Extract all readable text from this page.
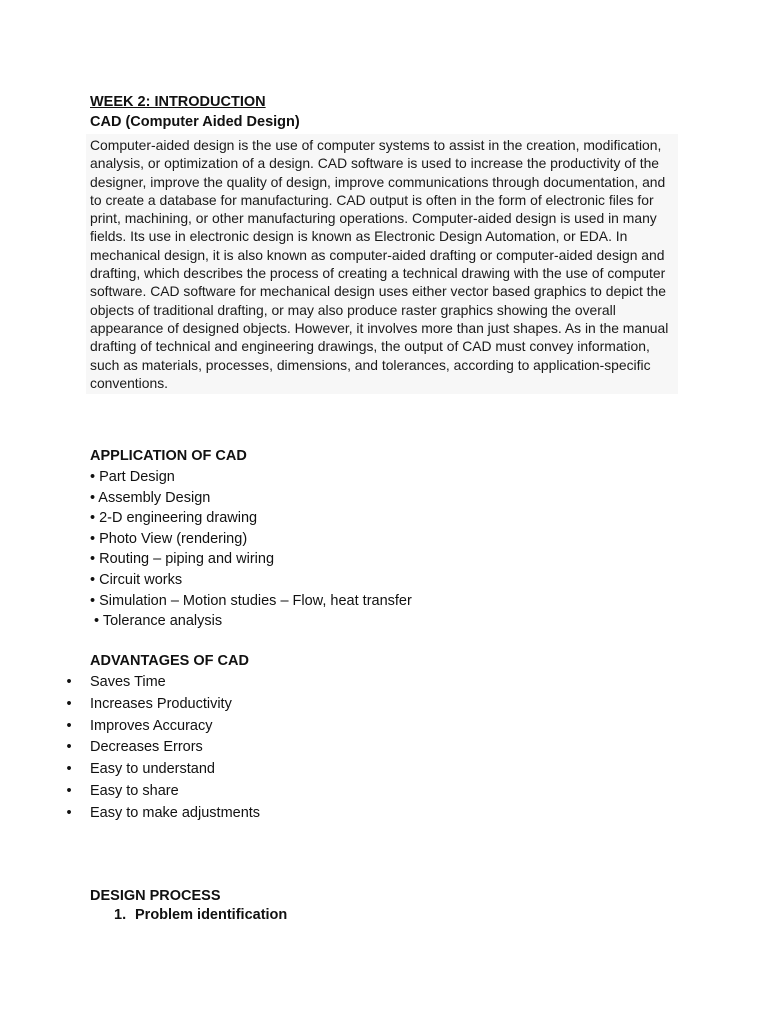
WEEK 2: INTRODUCTION

CAD (Computer Aided Design)

Computer-aided design is the use of computer systems to assist in the creation, modification, analysis, or optimization of a design. CAD software is used to increase the productivity of the designer, improve the quality of design, improve communications through documentation, and to create a database for manufacturing. CAD output is often in the form of electronic files for print, machining, or other manufacturing operations. Computer-aided design is used in many fields. Its use in electronic design is known as Electronic Design Automation, or EDA. In mechanical design, it is also known as computer-aided drafting or computer-aided design and drafting, which describes the process of creating a technical drawing with the use of computer software. CAD software for mechanical design uses either vector based graphics to depict the objects of traditional drafting, or may also produce raster graphics showing the overall appearance of designed objects. However, it involves more than just shapes. As in the manual drafting of technical and engineering drawings, the output of CAD must convey information, such as materials, processes, dimensions, and tolerances, according to application-specific conventions.

APPLICATION OF CAD

• Part Design
• Assembly Design
• 2-D engineering drawing
• Photo View (rendering)
• Routing – piping and wiring
• Circuit works
• Simulation – Motion studies – Flow, heat transfer
• Tolerance analysis

ADVANTAGES OF CAD

• Saves Time
• Increases Productivity
• Improves Accuracy
• Decreases Errors
• Easy to understand
• Easy to share
• Easy to make adjustments

DESIGN PROCESS

1. Problem identification
